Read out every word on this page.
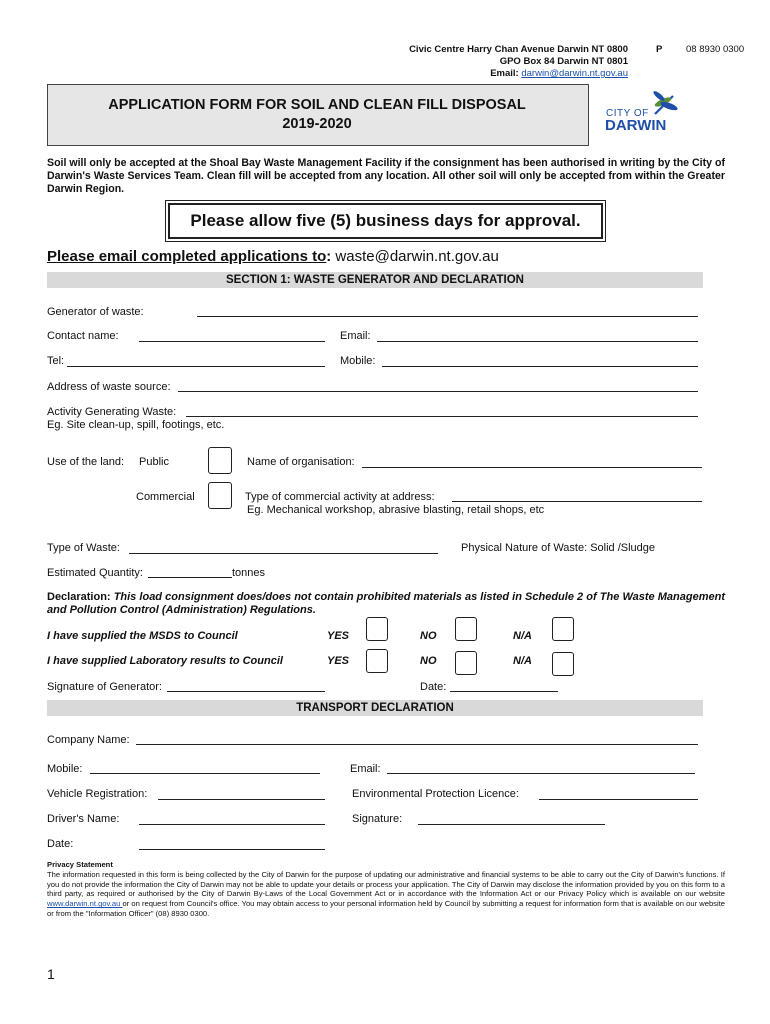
Civic Centre Harry Chan Avenue Darwin NT 0800
GPO Box 84 Darwin NT 0801
Email: darwin@darwin.nt.gov.au
P 08 8930 0300
APPLICATION FORM FOR SOIL AND CLEAN FILL DISPOSAL
2019-2020
CITY OF
DARWIN
Soil will only be accepted at the Shoal Bay Waste Management Facility if the consignment has been authorised in writing by the City of Darwin's Waste Services Team. Clean fill will be accepted from any location. All other soil will only be accepted from within the Greater Darwin Region.
Please allow five (5) business days for approval.
Please email completed applications to: waste@darwin.nt.gov.au
SECTION 1: WASTE GENERATOR AND DECLARATION
Generator of waste:
Contact name:	Email:
Tel:	Mobile:
Address of waste source:
Activity Generating Waste:
Eg. Site clean-up, spill, footings, etc.
Use of the land: Public	Name of organisation:
Commercial	Type of commercial activity at address:
Eg. Mechanical workshop, abrasive blasting, retail shops, etc
Type of Waste:	Physical Nature of Waste: Solid /Sludge
Estimated Quantity:	tonnes
Declaration: This load consignment does/does not contain prohibited materials as listed in Schedule 2 of The Waste Management and Pollution Control (Administration) Regulations.
I have supplied the MSDS to Council	YES	NO	N/A
I have supplied Laboratory results to Council	YES	NO	N/A
Signature of Generator:	Date:
TRANSPORT DECLARATION
Company Name:
Mobile:	Email:
Vehicle Registration:	Environmental Protection Licence:
Driver's Name:	Signature:
Date:
Privacy Statement
The information requested in this form is being collected by the City of Darwin for the purpose of updating our administrative and financial systems to be able to carry out the City of Darwin's functions. If you do not provide the information the City of Darwin may not be able to update your details or process your application. The City of Darwin may disclose the information provided by you on this form to a third party, as required or authorised by the City of Darwin By-Laws of the Local Government Act or in accordance with the Information Act or our Privacy Policy which is available on our website www.darwin.nt.gov.au or on request from Council's office. You may obtain access to your personal information held by Council by submitting a request for information form that is available on our website or from the "Information Officer" (08) 8930 0300.
1
